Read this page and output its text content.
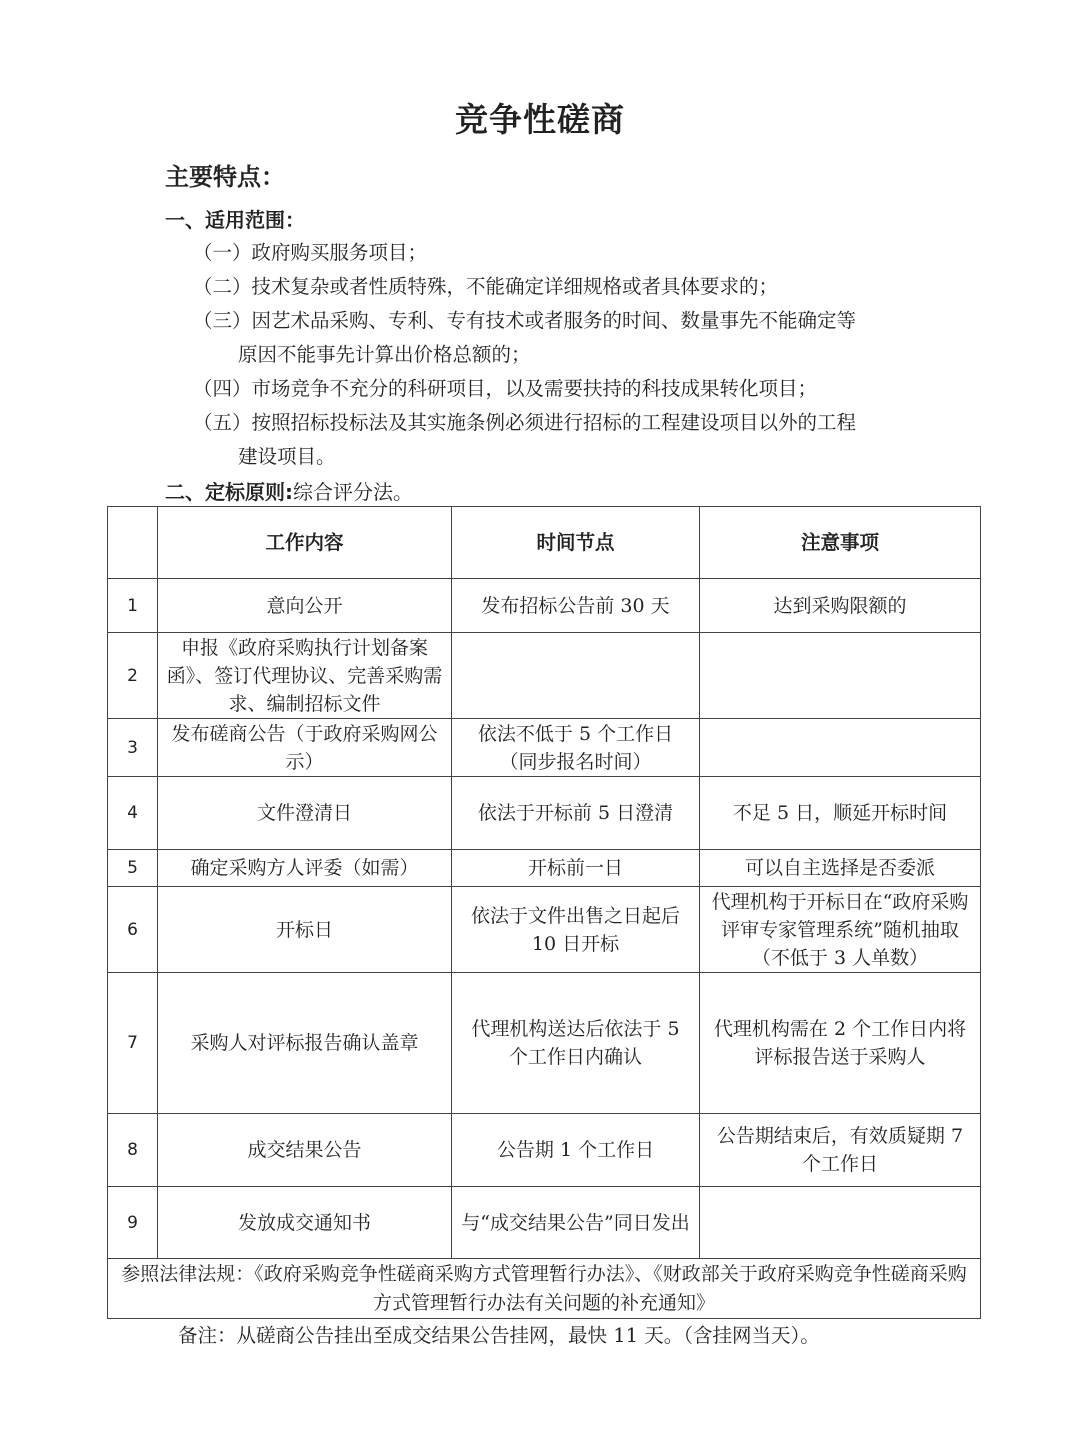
竞争性磋商
主要特点：
一、适用范围：
（一）政府购买服务项目；
（二）技术复杂或者性质特殊，不能确定详细规格或者具体要求的；
（三）因艺术品采购、专利、专有技术或者服务的时间、数量事先不能确定等
原因不能事先计算出价格总额的；
（四）市场竞争不充分的科研项目，以及需要扶持的科技成果转化项目；
（五）按照招标投标法及其实施条例必须进行招标的工程建设项目以外的工程
建设项目。
二、定标原则:综合评分法。
	工作内容	时间节点	注意事项
1	意向公开	发布招标公告前 30 天	达到采购限额的
2	申报《政府采购执行计划备案函》、签订代理协议、完善采购需求、编制招标文件		
3	发布磋商公告（于政府采购网公示）	依法不低于 5 个工作日（同步报名时间）	
4	文件澄清日	依法于开标前 5 日澄清	不足 5 日，顺延开标时间
5	确定采购方人评委（如需）	开标前一日	可以自主选择是否委派
6	开标日	依法于文件出售之日起后 10 日开标	代理机构于开标日在“政府采购评审专家管理系统”随机抽取（不低于 3 人单数）
7	采购人对评标报告确认盖章	代理机构送达后依法于 5 个工作日内确认	代理机构需在 2 个工作日内将评标报告送于采购人
8	成交结果公告	公告期 1 个工作日	公告期结束后，有效质疑期 7 个工作日
9	发放成交通知书	与“成交结果公告”同日发出	
参照法律法规：《政府采购竞争性磋商采购方式管理暂行办法》、《财政部关于政府采购竞争性磋商采购方式管理暂行办法有关问题的补充通知》			
备注：从磋商公告挂出至成交结果公告挂网，最快 11 天。（含挂网当天）。
